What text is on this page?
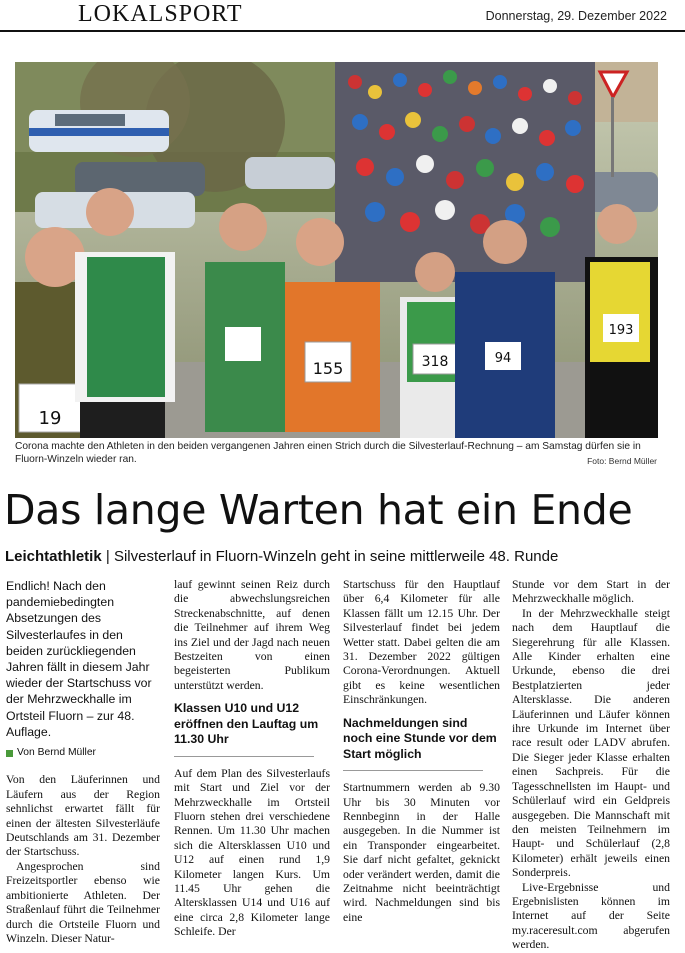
LOKALSPORT	Donnerstag, 29. Dezember 2022
19
155	318	94
193
Corona machte den Athleten in den beiden vergangenen Jahren einen Strich durch die Silvesterlauf-Rechnung – am Samstag dürfen sie in Fluorn-Winzeln wieder ran.	Foto: Bernd Müller
Das lange Warten hat ein Ende
Leichtathletik | Silvesterlauf in Fluorn-Winzeln geht in seine mittlerweile 48. Runde

Endlich! Nach den pandemiebedingten Absetzungen des Silvesterlaufes in den beiden zurückliegenden Jahren fällt in diesem Jahr wieder der Startschuss vor der Mehrzweckhalle im Ortsteil Fluorn – zur 48. Auflage.

Von Bernd Müller

Von den Läuferinnen und Läufern aus der Region sehnlichst erwartet fällt für einen der ältesten Silvesterläufe Deutschlands am 31. Dezember der Startschuss.

Angesprochen sind Freizeitsportler ebenso wie ambitionierte Athleten. Der Straßenlauf führt die Teilnehmer durch die Ortsteile Fluorn und Winzeln. Dieser Natur-

lauf gewinnt seinen Reiz durch die abwechslungsreichen Streckenabschnitte, auf denen die Teilnehmer auf ihrem Weg ins Ziel und der Jagd nach neuen Bestzeiten von einen begeisterten Publikum unterstützt werden.

Klassen U10 und U12 eröffnen den Lauftag um 11.30 Uhr

Auf dem Plan des Silvesterlaufs mit Start und Ziel vor der Mehrzweckhalle im Ortsteil Fluorn stehen drei verschiedene Rennen. Um 11.30 Uhr machen sich die Altersklassen U10 und U12 auf einen rund 1,9 Kilometer langen Kurs. Um 11.45 Uhr gehen die Altersklassen U14 und U16 auf eine circa 2,8 Kilometer lange Schleife. Der

Startschuss für den Hauptlauf über 6,4 Kilometer für alle Klassen fällt um 12.15 Uhr. Der Silvesterlauf findet bei jedem Wetter statt. Dabei gelten die am 31. Dezember 2022 gültigen Corona-Verordnungen. Aktuell gibt es keine wesentlichen Einschränkungen.

Nachmeldungen sind noch eine Stunde vor dem Start möglich

Startnummern werden ab 9.30 Uhr bis 30 Minuten vor Rennbeginn in der Halle ausgegeben. In die Nummer ist ein Transponder eingearbeitet. Sie darf nicht gefaltet, geknickt oder verändert werden, damit die Zeitnahme nicht beeinträchtigt wird. Nachmeldungen sind bis eine

Stunde vor dem Start in der Mehrzweckhalle möglich.

In der Mehrzweckhalle steigt nach dem Hauptlauf die Siegerehrung für alle Klassen. Alle Kinder erhalten eine Urkunde, ebenso die drei Bestplatzierten jeder Altersklasse. Die anderen Läuferinnen und Läufer können ihre Urkunde im Internet über race result oder LADV abrufen. Die Sieger jeder Klasse erhalten einen Sachpreis. Für die Tagesschnellsten im Haupt- und Schülerlauf wird ein Geldpreis ausgegeben. Die Mannschaft mit den meisten Teilnehmern im Haupt- und Schülerlauf (2,8 Kilometer) erhält jeweils einen Sonderpreis.

Live-Ergebnisse und Ergebnislisten können im Internet auf der Seite my.raceresult.com abgerufen werden.
